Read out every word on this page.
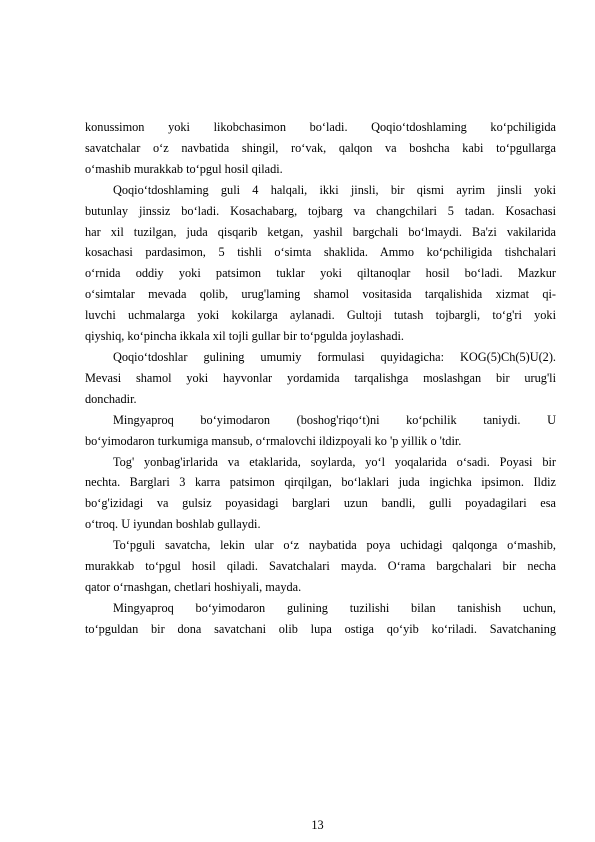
konussimon yoki likobchasimon bo‘ladi. Qoqio‘tdoshlaming ko‘pchiligida

savatchalar o‘z navbatida shingil, ro‘vak, qalqon va boshcha kabi to‘pgullarga

o‘mashib murakkab to‘pgul hosil qiladi.

Qoqio‘tdoshlaming guli 4 halqali, ikki jinsli, bir qismi ayrim jinsli yoki

butunlay jinssiz bo‘ladi. Kosachabarg, tojbarg va changchilari 5 tadan. Kosachasi

har xil tuzilgan, juda qisqarib ketgan, yashil bargchali bo‘lmaydi. Ba'zi vakilarida

kosachasi pardasimon, 5 tishli o‘simta shaklida. Ammo ko‘pchiligida tishchalari

o‘rnida oddiy yoki patsimon tuklar yoki qiltanoqlar hosil bo‘ladi. Mazkur

o‘simtalar mevada qolib, urug'laming shamol vositasida tarqalishida xizmat qi-

luvchi uchmalarga yoki kokilarga aylanadi. Gultoji tutash tojbargli, to‘g'ri yoki

qiyshiq, ko‘pincha ikkala xil tojli gullar bir to‘pgulda joylashadi.

Qoqio‘tdoshlar gulining umumiy formulasi quyidagicha: KOG(5)Ch(5)U(2).

Mevasi shamol yoki hayvonlar yordamida tarqalishga moslashgan bir urug'li

donchadir.

Mingyaproq bo‘yimodaron (boshog'riqo‘t)ni ko‘pchilik taniydi. U

bo‘yimodaron turkumiga mansub, o‘rmalovchi ildizpoyali ko 'p yillik o 'tdir.

Tog' yonbag'irlarida va etaklarida, soylarda, yo‘l yoqalarida o‘sadi. Poyasi bir

nechta. Barglari 3 karra patsimon qirqilgan, bo‘laklari juda ingichka ipsimon. Ildiz

bo‘g'izidagi va gulsiz poyasidagi barglari uzun bandli, gulli poyadagilari esa

o‘troq. U iyundan boshlab gullaydi.

To‘pguli savatcha, lekin ular o‘z naybatida poya uchidagi qalqonga o‘mashib,

murakkab to‘pgul hosil qiladi. Savatchalari mayda. O‘rama bargchalari bir necha

qator o‘rnashgan, chetlari hoshiyali, mayda.

Mingyaproq bo‘yimodaron gulining tuzilishi bilan tanishish uchun,

to‘pguldan bir dona savatchani olib lupa ostiga qo‘yib ko‘riladi. Savatchaning

13
